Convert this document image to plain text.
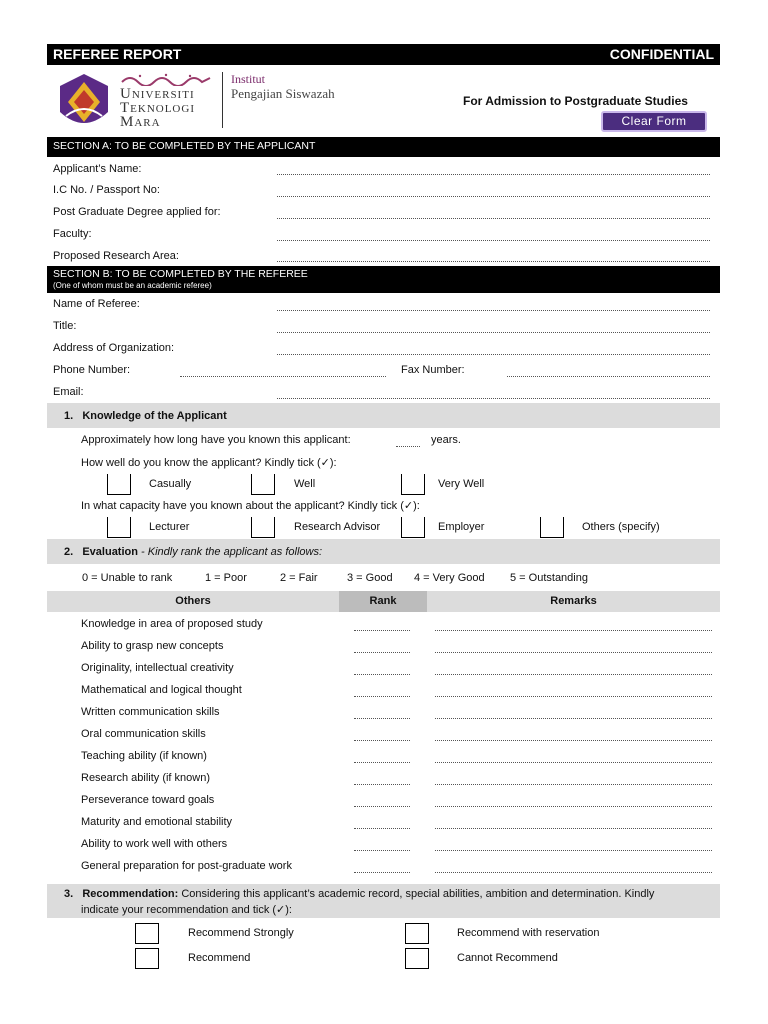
REFEREE REPORT	CONFIDENTIAL
Universiti
Teknologi
Mara
Institut
Pengajian Siswazah	For Admission to Postgraduate Studies
Clear Form
SECTION A: TO BE COMPLETED BY THE APPLICANT
Applicant’s Name:
I.C No. / Passport No:
Post Graduate Degree applied for:
Faculty:
Proposed Research Area:
SECTION B: TO BE COMPLETED BY THE REFEREE
(One of whom must be an academic referee)
Name of Referee:
Title:
Address of Organization:
Phone Number:	Fax Number:
Email:
1.   Knowledge of the Applicant
Approximately how long have you known this applicant:	years.
How well do you know the applicant? Kindly tick (✓):
Casually	Well	Very Well
In what capacity have you known about the applicant? Kindly tick (✓):
Lecturer	Research Advisor	Employer	Others (specify)
2.   Evaluation - Kindly rank the applicant as follows:
0 = Unable to rank	1 = Poor	2 = Fair	3 = Good 4 = Very Good 5 = Outstanding
Others	Rank	Remarks
Knowledge in area of proposed study
Ability to grasp new concepts
Originality, intellectual creativity
Mathematical and logical thought
Written communication skills
Oral communication skills
Teaching ability (if known)
Research ability (if known)
Perseverance toward goals
Maturity and emotional stability
Ability to work well with others
General preparation for post-graduate work
3.   Recommendation: Considering this applicant’s academic record, special abilities, ambition and determination. Kindly
indicate your recommendation and tick (✓):
Recommend Strongly	Recommend with reservation
Recommend	Cannot Recommend
